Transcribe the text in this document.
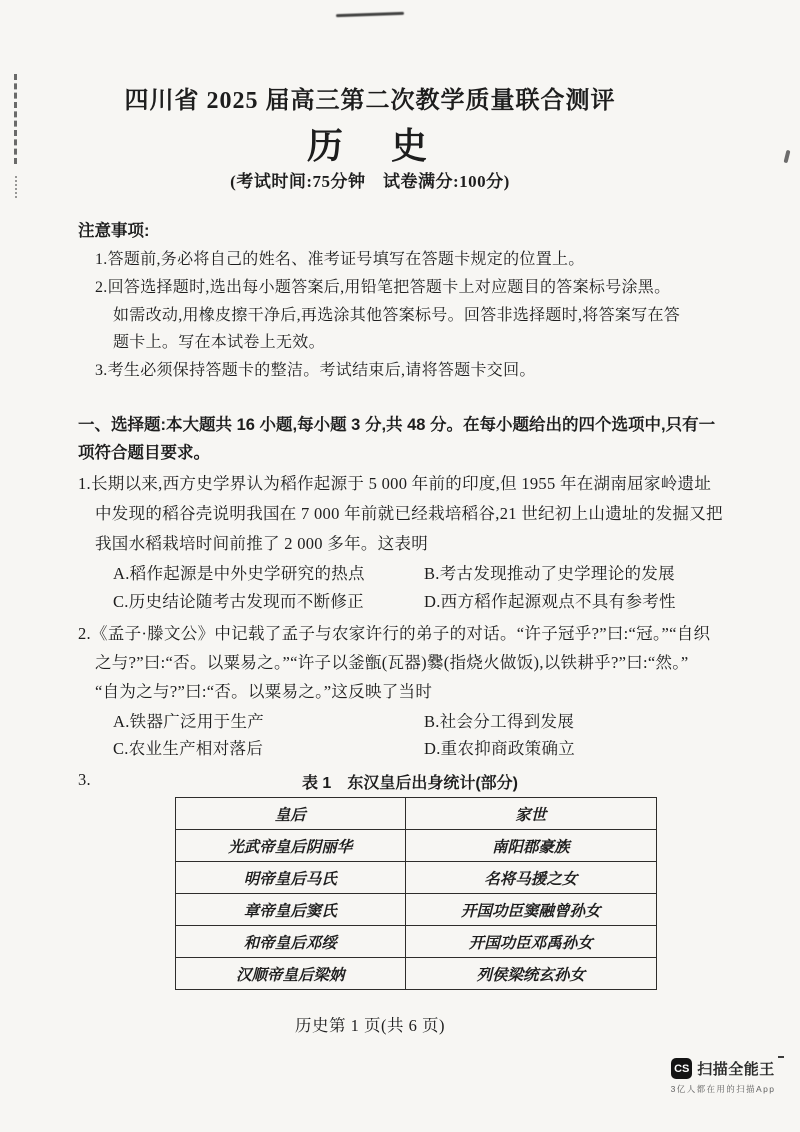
四川省 2025 届高三第二次教学质量联合测评
历　史
(考试时间:75分钟　试卷满分:100分)
注意事项:
1.答题前,务必将自己的姓名、准考证号填写在答题卡规定的位置上。
2.回答选择题时,选出每小题答案后,用铅笔把答题卡上对应题目的答案标号涂黑。
如需改动,用橡皮擦干净后,再选涂其他答案标号。回答非选择题时,将答案写在答
题卡上。写在本试卷上无效。
3.考生必须保持答题卡的整洁。考试结束后,请将答题卡交回。
一、选择题:本大题共 16 小题,每小题 3 分,共 48 分。在每小题给出的四个选项中,只有一
项符合题目要求。
1.长期以来,西方史学界认为稻作起源于 5 000 年前的印度,但 1955 年在湖南屈家岭遗址
中发现的稻谷壳说明我国在 7 000 年前就已经栽培稻谷,21 世纪初上山遗址的发掘又把
我国水稻栽培时间前推了 2 000 多年。这表明
A.稻作起源是中外史学研究的热点	B.考古发现推动了史学理论的发展
C.历史结论随考古发现而不断修正	D.西方稻作起源观点不具有参考性
2.《孟子·滕文公》中记载了孟子与农家许行的弟子的对话。“许子冠乎?”曰:“冠。”“自织
之与?”曰:“否。以粟易之。”“许子以釜甑(瓦器)爨(指烧火做饭),以铁耕乎?”曰:“然。”
“自为之与?”曰:“否。以粟易之。”这反映了当时
A.铁器广泛用于生产	B.社会分工得到发展
C.农业生产相对落后	D.重农抑商政策确立
3.	表 1　东汉皇后出身统计(部分)
皇后	家世
光武帝皇后阴丽华	南阳郡豪族
明帝皇后马氏	名将马援之女
章帝皇后窦氏	开国功臣窦融曾孙女
和帝皇后邓绥	开国功臣邓禹孙女
汉顺帝皇后梁妠	列侯梁统玄孙女
历史第 1 页(共 6 页)
CS 扫描全能王
3亿人都在用的扫描App
